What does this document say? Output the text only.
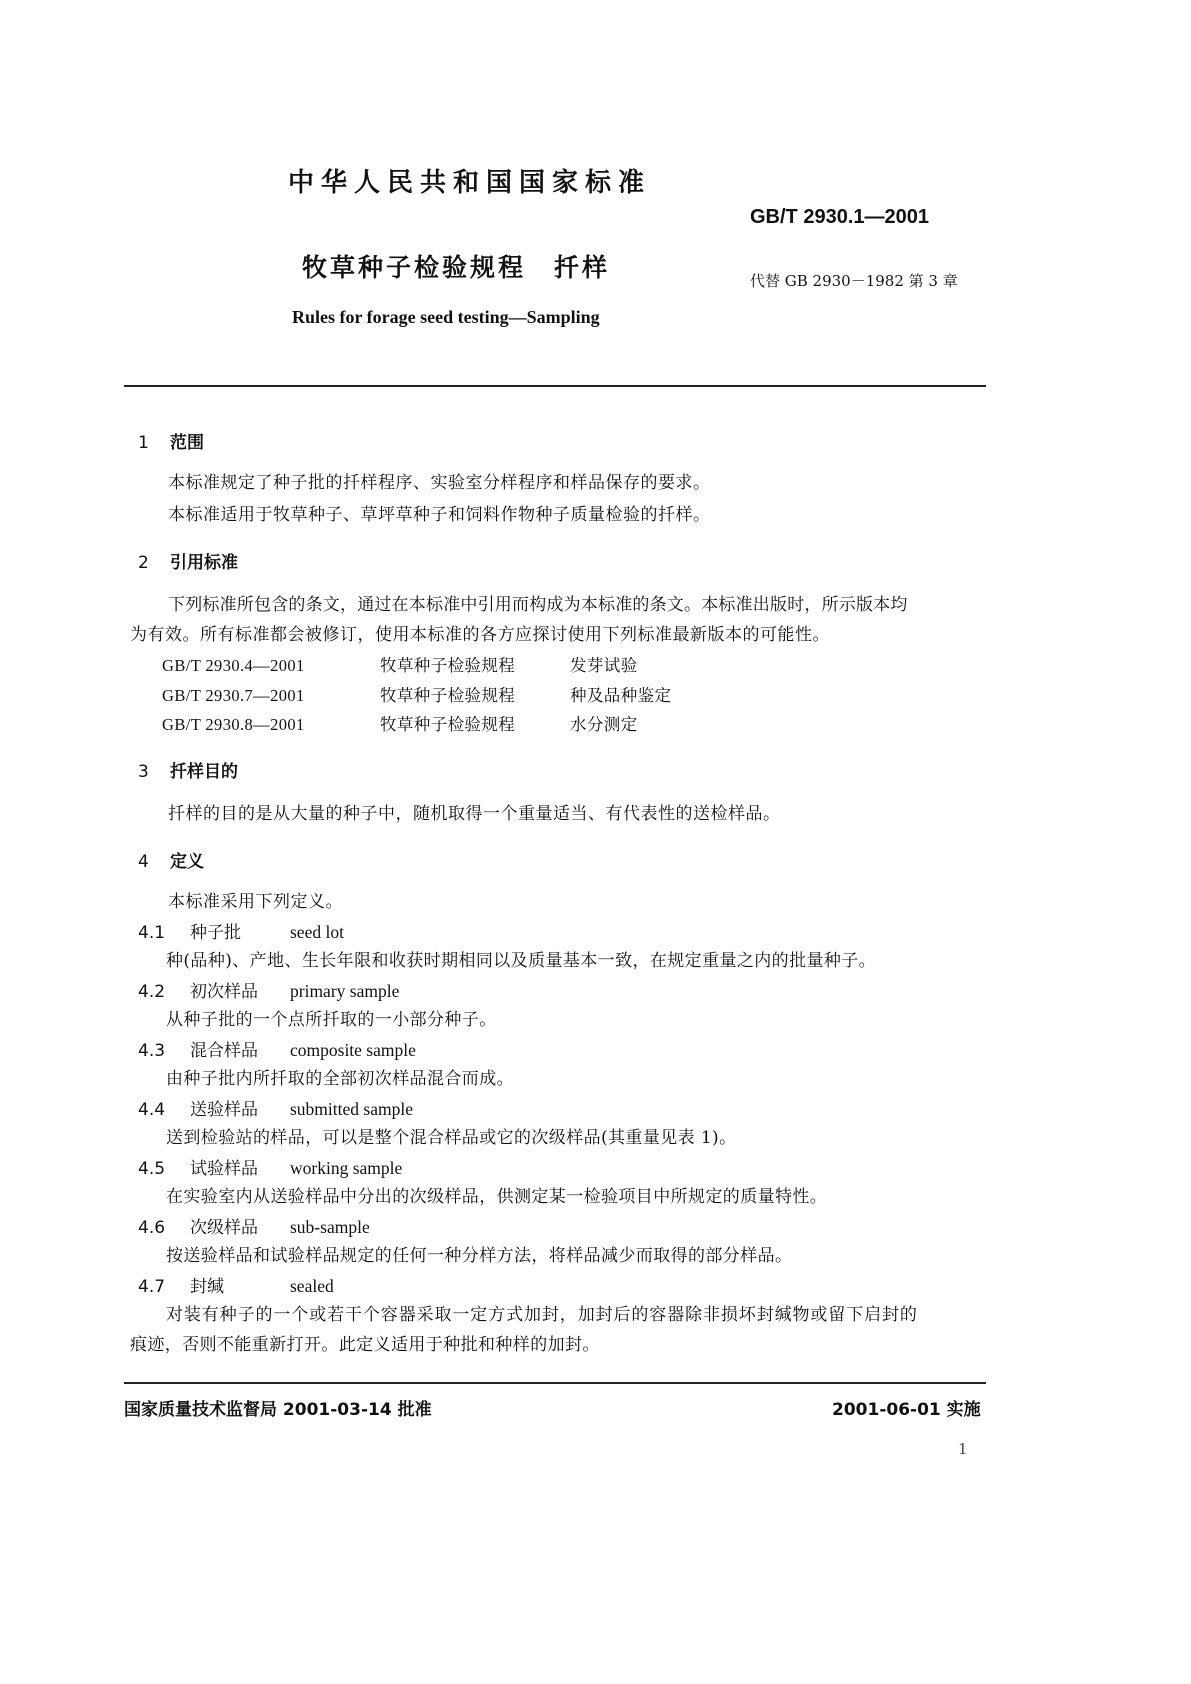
中华人民共和国国家标准
GB/T 2930.1—2001
牧草种子检验规程　扦样	代替 GB 2930－1982 第 3 章
Rules for forage seed testing—Sampling
1 范围
本标准规定了种子批的扦样程序、实验室分样程序和样品保存的要求。
本标准适用于牧草种子、草坪草种子和饲料作物种子质量检验的扦样。
2 引用标准
下列标准所包含的条文，通过在本标准中引用而构成为本标准的条文。本标准出版时，所示版本均
为有效。所有标准都会被修订，使用本标准的各方应探讨使用下列标准最新版本的可能性。
GB/T 2930.4—2001	牧草种子检验规程	发芽试验
GB/T 2930.7—2001	牧草种子检验规程	种及品种鉴定
GB/T 2930.8—2001	牧草种子检验规程	水分测定
3 扦样目的
扦样的目的是从大量的种子中，随机取得一个重量适当、有代表性的送检样品。
4 定义
本标准采用下列定义。
4.1 种子批	seed lot
种(品种)、产地、生长年限和收获时期相同以及质量基本一致，在规定重量之内的批量种子。
4.2 初次样品 primary sample
从种子批的一个点所扦取的一小部分种子。
4.3 混合样品 composite sample
由种子批内所扦取的全部初次样品混合而成。
4.4 送验样品 submitted sample
送到检验站的样品，可以是整个混合样品或它的次级样品(其重量见表 1)。
4.5 试验样品 working sample
在实验室内从送验样品中分出的次级样品，供测定某一检验项目中所规定的质量特性。
4.6 次级样品 sub-sample
按送验样品和试验样品规定的任何一种分样方法，将样品减少而取得的部分样品。
4.7 封缄	sealed
对装有种子的一个或若干个容器采取一定方式加封，加封后的容器除非损坏封缄物或留下启封的
痕迹，否则不能重新打开。此定义适用于种批和种样的加封。
国家质量技术监督局 2001-03-14 批准	2001-06-01 实施
1
